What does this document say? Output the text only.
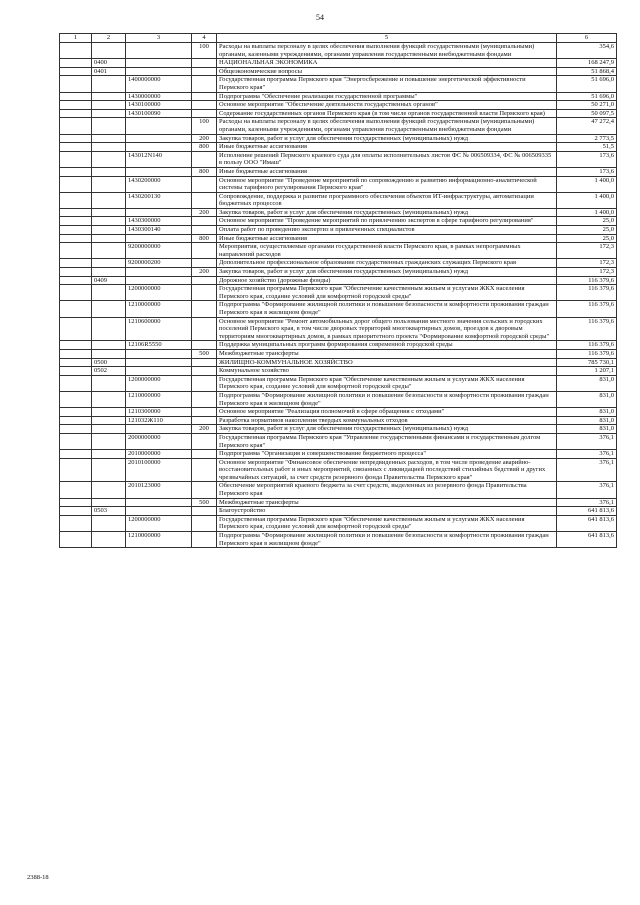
54
1	2	3	4	5	6
			100	Расходы на выплаты персоналу в целях обеспечения выполнения функций государственными (муниципальными) органами, казенными учреждениями, органами управления государственными внебюджетными фондами	354,6
	0400			НАЦИОНАЛЬНАЯ ЭКОНОМИКА	168 247,9
	0401			Общеэкономические вопросы	51 868,4
		1400000000		Государственная программа Пермского края "Энергосбережение и повышение энергетической эффективности Пермского края"	51 696,0
		1430000000		Подпрограмма "Обеспечение реализации государственной программы"	51 696,0
		1430100000		Основное мероприятие "Обеспечение деятельности государственных органов"	50 271,0
		1430100090		Содержание государственных органов Пермского края (в том числе органов государственной власти Пермского края)	50 097,5
			100	Расходы на выплаты персоналу в целях обеспечения выполнения функций государственными (муниципальными) органами, казенными учреждениями, органами управления государственными внебюджетными фондами	47 272,4
			200	Закупка товаров, работ и услуг для обеспечения государственных (муниципальных) нужд	2 773,5
			800	Иные бюджетные ассигнования	51,5
		143012N140		Исполнение решений Пермского краевого суда для оплаты исполнительных листов ФС № 006509334, ФС № 006509335 в пользу ООО "Имаш"	173,6
			800	Иные бюджетные ассигнования	173,6
		1430200000		Основное мероприятие "Проведение мероприятий по сопровождению и развитию информационно-аналитической системы тарифного регулирования Пермского края"	1 400,0
		1430200130		Сопровождение, поддержка и развитие программного обеспечения объектов ИТ-инфраструктуры, автоматизации бюджетных процессов	1 400,0
			200	Закупка товаров, работ и услуг для обеспечения государственных (муниципальных) нужд	1 400,0
		1430300000		Основное мероприятие "Проведение мероприятий по привлечению экспертов в сфере тарифного регулирования"	25,0
		1430300140		Оплата работ по проведению экспертиз и привлеченных специалистов	25,0
			800	Иные бюджетные ассигнования	25,0
		9200000000		Мероприятия, осуществляемые органами государственной власти Пермского края, в рамках непрограммных направлений расходов	172,3
		9200000200		Дополнительное профессиональное образование государственных гражданских служащих Пермского края	172,3
			200	Закупка товаров, работ и услуг для обеспечения государственных (муниципальных) нужд	172,3
	0409			Дорожное хозяйство (дорожные фонды)	116 379,6
		1200000000		Государственная программа Пермского края "Обеспечение качественным жильем и услугами ЖКХ населения Пермского края, создание условий для комфортной городской среды"	116 379,6
		1210000000		Подпрограмма "Формирование жилищной политики и повышение безопасности и комфортности проживания граждан Пермского края в жилищном фонде"	116 379,6
		1210600000		Основное мероприятие "Ремонт автомобильных дорог общего пользования местного значения сельских и городских поселений Пермского края, в том числе дворовых территорий многоквартирных домов, проездов к дворовым территориям многоквартирных домов, в рамках приоритетного проекта "Формирование комфортной городской среды"	116 379,6
		12106R5550		Поддержка муниципальных программ формирования современной городской среды	116 379,6
			500	Межбюджетные трансферты	116 379,6
	0500			ЖИЛИЩНО-КОММУНАЛЬНОЕ ХОЗЯЙСТВО	785 730,1
	0502			Коммунальное хозяйство	1 207,1
		1200000000		Государственная программа Пермского края "Обеспечение качественным жильем и услугами ЖКХ населения Пермского края, создание условий для комфортной городской среды"	831,0
		1210000000		Подпрограмма "Формирование жилищной политики и повышение безопасности и комфортности проживания граждан Пермского края в жилищном фонде"	831,0
		1210300000		Основное мероприятие "Реализация полномочий в сфере обращения с отходами"	831,0
		121032Ж110		Разработка нормативов накопления твердых коммунальных отходов	831,0
			200	Закупка товаров, работ и услуг для обеспечения государственных (муниципальных) нужд	831,0
		2000000000		Государственная программа Пермского края "Управление государственными финансами и государственным долгом Пермского края"	376,1
		2010000000		Подпрограмма "Организация и совершенствование бюджетного процесса"	376,1
		2010100000		Основное мероприятие "Финансовое обеспечение непредвиденных расходов, в том числе проведение аварийно-восстановительных работ и иных мероприятий, связанных с ликвидацией последствий стихийных бедствий и других чрезвычайных ситуаций, за счет средств резервного фонда Правительства Пермского края"	376,1
		2010123000		Обеспечение мероприятий краевого бюджета за счет средств, выделенных из резервного фонда Правительства Пермского края	376,1
			500	Межбюджетные трансферты	376,1
	0503			Благоустройство	641 813,6
		1200000000		Государственная программа Пермского края "Обеспечение качественным жильем и услугами ЖКХ населения Пермского края, создание условий для комфортной городской среды"	641 813,6
		1210000000		Подпрограмма "Формирование жилищной политики и повышение безопасности и комфортности проживания граждан Пермского края в жилищном фонде"	641 813,6
2388-18
